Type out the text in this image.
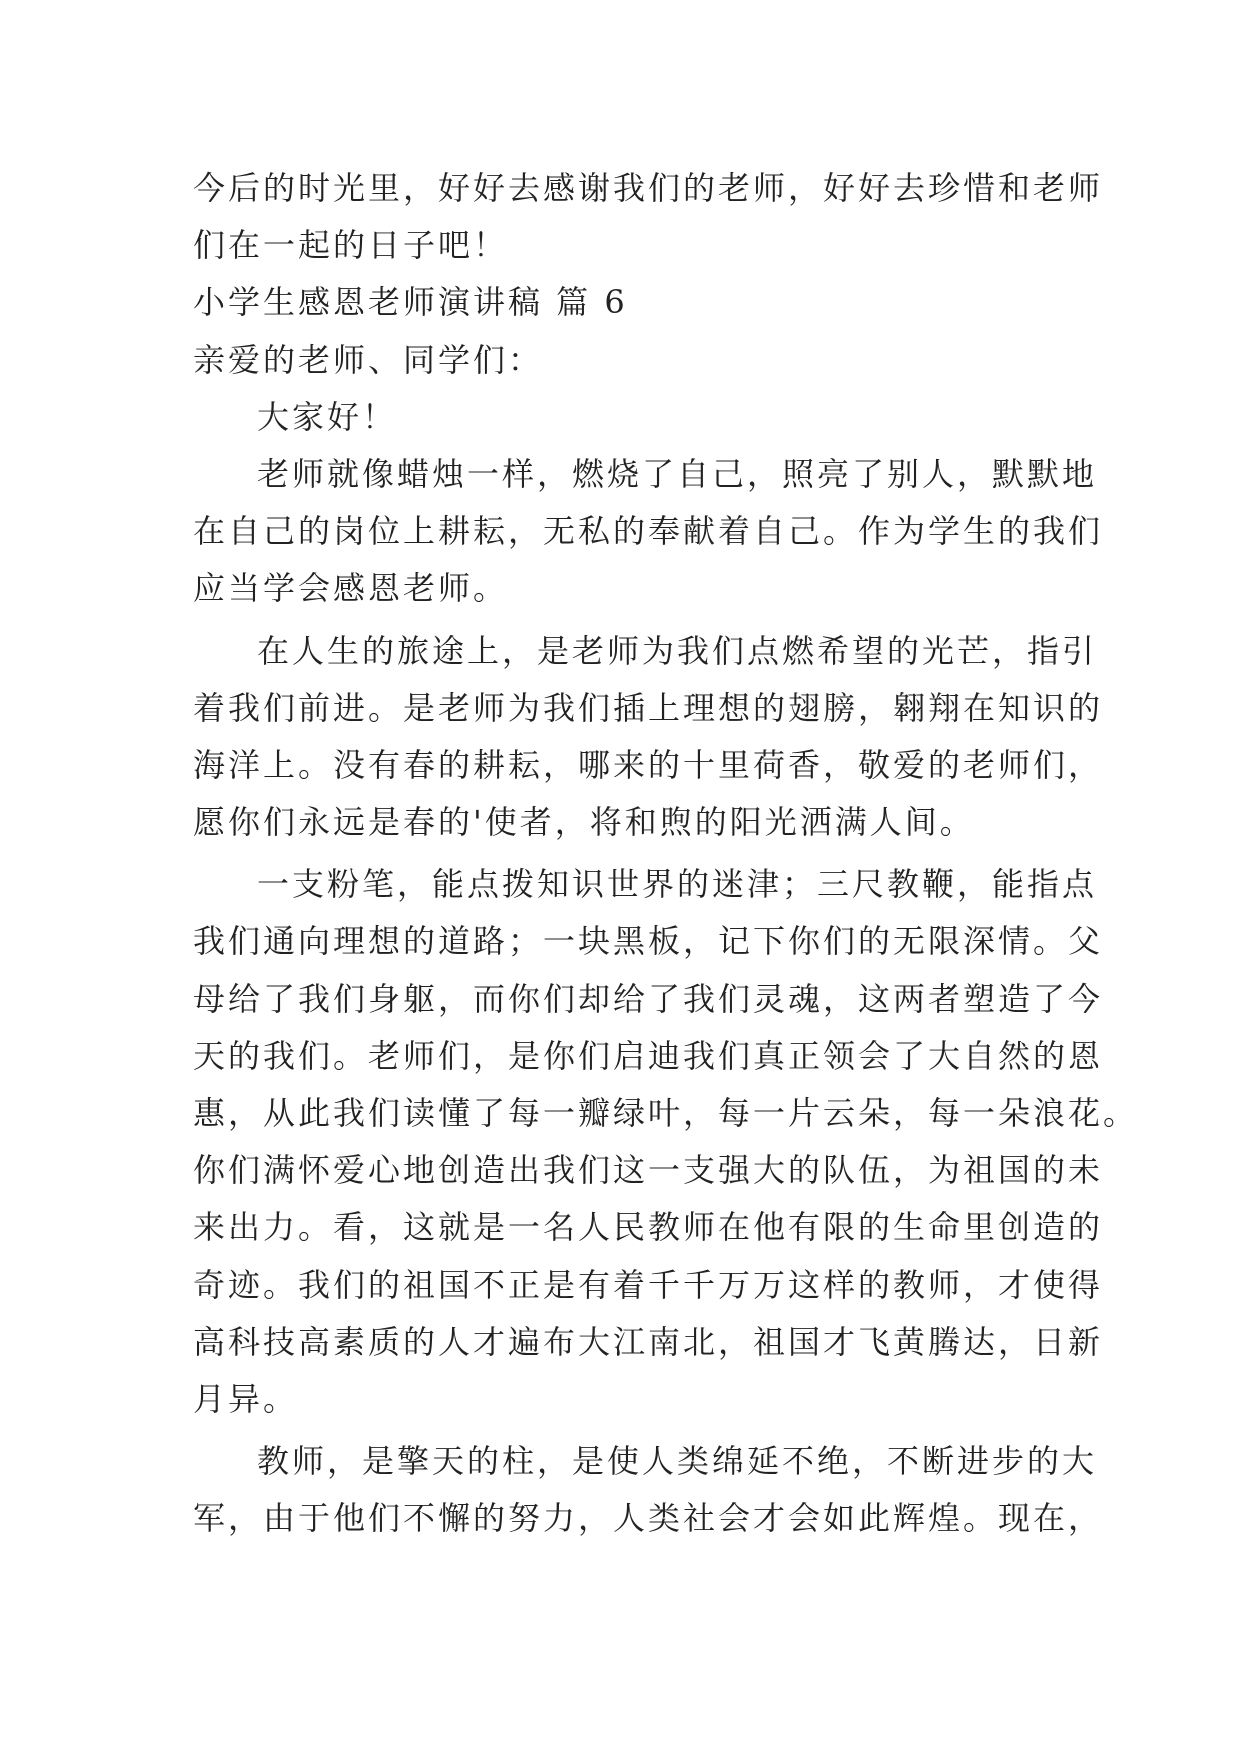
今后的时光里，好好去感谢我们的老师，好好去珍惜和老师
们在一起的日子吧！
小学生感恩老师演讲稿 篇 6
亲爱的老师、同学们：
大家好！
老师就像蜡烛一样，燃烧了自己，照亮了别人，默默地
在自己的岗位上耕耘，无私的奉献着自己。作为学生的我们
应当学会感恩老师。
在人生的旅途上，是老师为我们点燃希望的光芒，指引
着我们前进。是老师为我们插上理想的翅膀，翱翔在知识的
海洋上。没有春的耕耘，哪来的十里荷香，敬爱的老师们，
愿你们永远是春的'使者，将和煦的阳光洒满人间。
一支粉笔，能点拨知识世界的迷津；三尺教鞭，能指点
我们通向理想的道路；一块黑板，记下你们的无限深情。父
母给了我们身躯，而你们却给了我们灵魂，这两者塑造了今
天的我们。老师们，是你们启迪我们真正领会了大自然的恩
惠，从此我们读懂了每一瓣绿叶，每一片云朵，每一朵浪花。
你们满怀爱心地创造出我们这一支强大的队伍，为祖国的未
来出力。看，这就是一名人民教师在他有限的生命里创造的
奇迹。我们的祖国不正是有着千千万万这样的教师，才使得
高科技高素质的人才遍布大江南北，祖国才飞黄腾达，日新
月异。
教师，是擎天的柱，是使人类绵延不绝，不断进步的大
军，由于他们不懈的努力，人类社会才会如此辉煌。现在，
